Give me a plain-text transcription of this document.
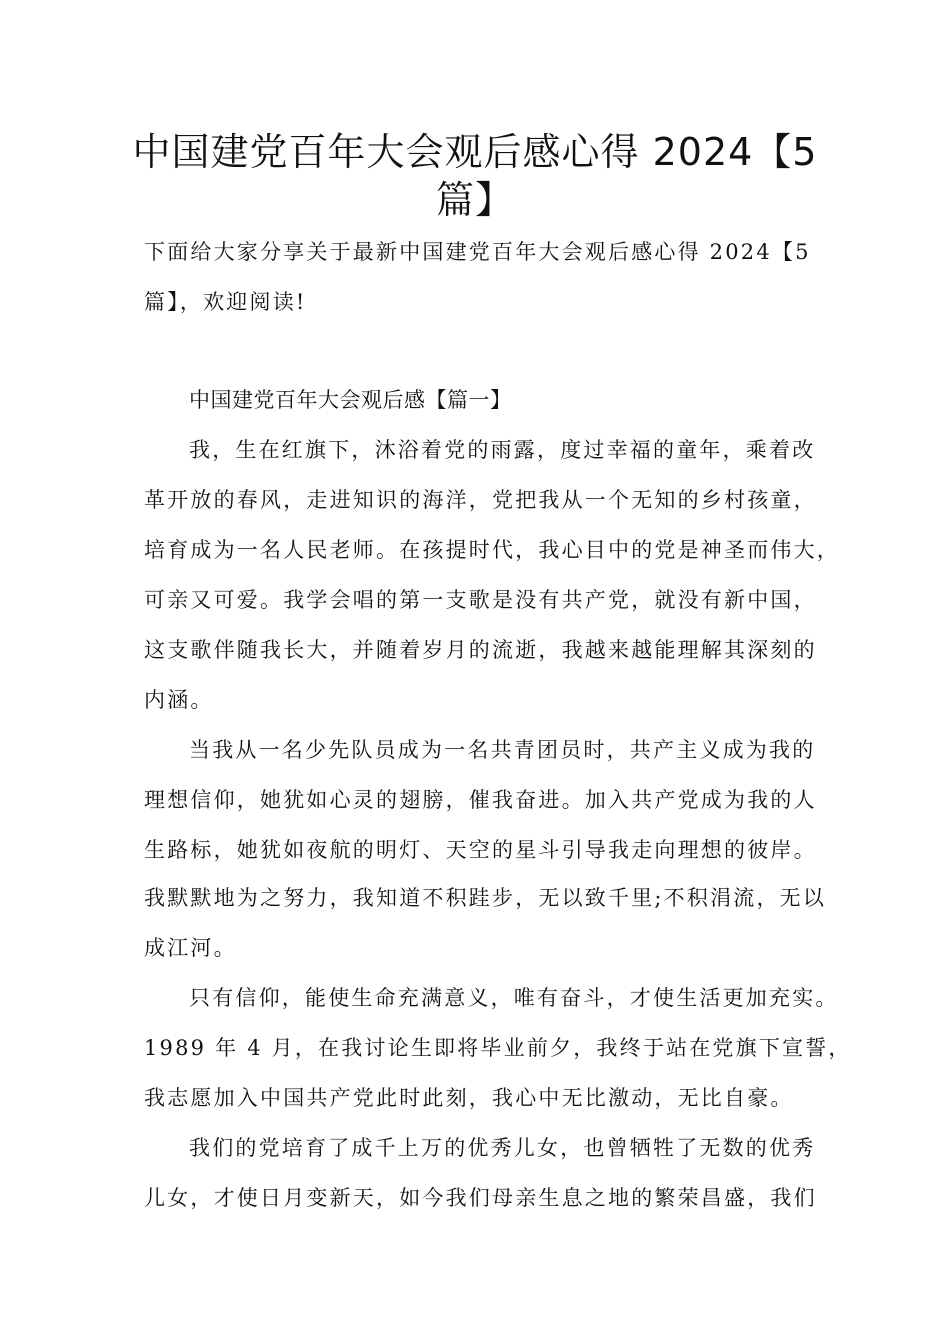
中国建党百年大会观后感心得 2024【5
篇】
下面给大家分享关于最新中国建党百年大会观后感心得 2024【5
篇】，欢迎阅读!
中国建党百年大会观后感【篇一】
我，生在红旗下，沐浴着党的雨露，度过幸福的童年，乘着改
革开放的春风，走进知识的海洋，党把我从一个无知的乡村孩童，
培育成为一名人民老师。在孩提时代，我心目中的党是神圣而伟大，
可亲又可爱。我学会唱的第一支歌是没有共产党，就没有新中国，
这支歌伴随我长大，并随着岁月的流逝，我越来越能理解其深刻的
内涵。
当我从一名少先队员成为一名共青团员时，共产主义成为我的
理想信仰，她犹如心灵的翅膀，催我奋进。加入共产党成为我的人
生路标，她犹如夜航的明灯、天空的星斗引导我走向理想的彼岸。
我默默地为之努力，我知道不积跬步，无以致千里;不积涓流，无以
成江河。
只有信仰，能使生命充满意义，唯有奋斗，才使生活更加充实。
1989 年 4 月，在我讨论生即将毕业前夕，我终于站在党旗下宣誓，
我志愿加入中国共产党此时此刻，我心中无比激动，无比自豪。
我们的党培育了成千上万的优秀儿女，也曾牺牲了无数的优秀
儿女，才使日月变新天，如今我们母亲生息之地的繁荣昌盛，我们
